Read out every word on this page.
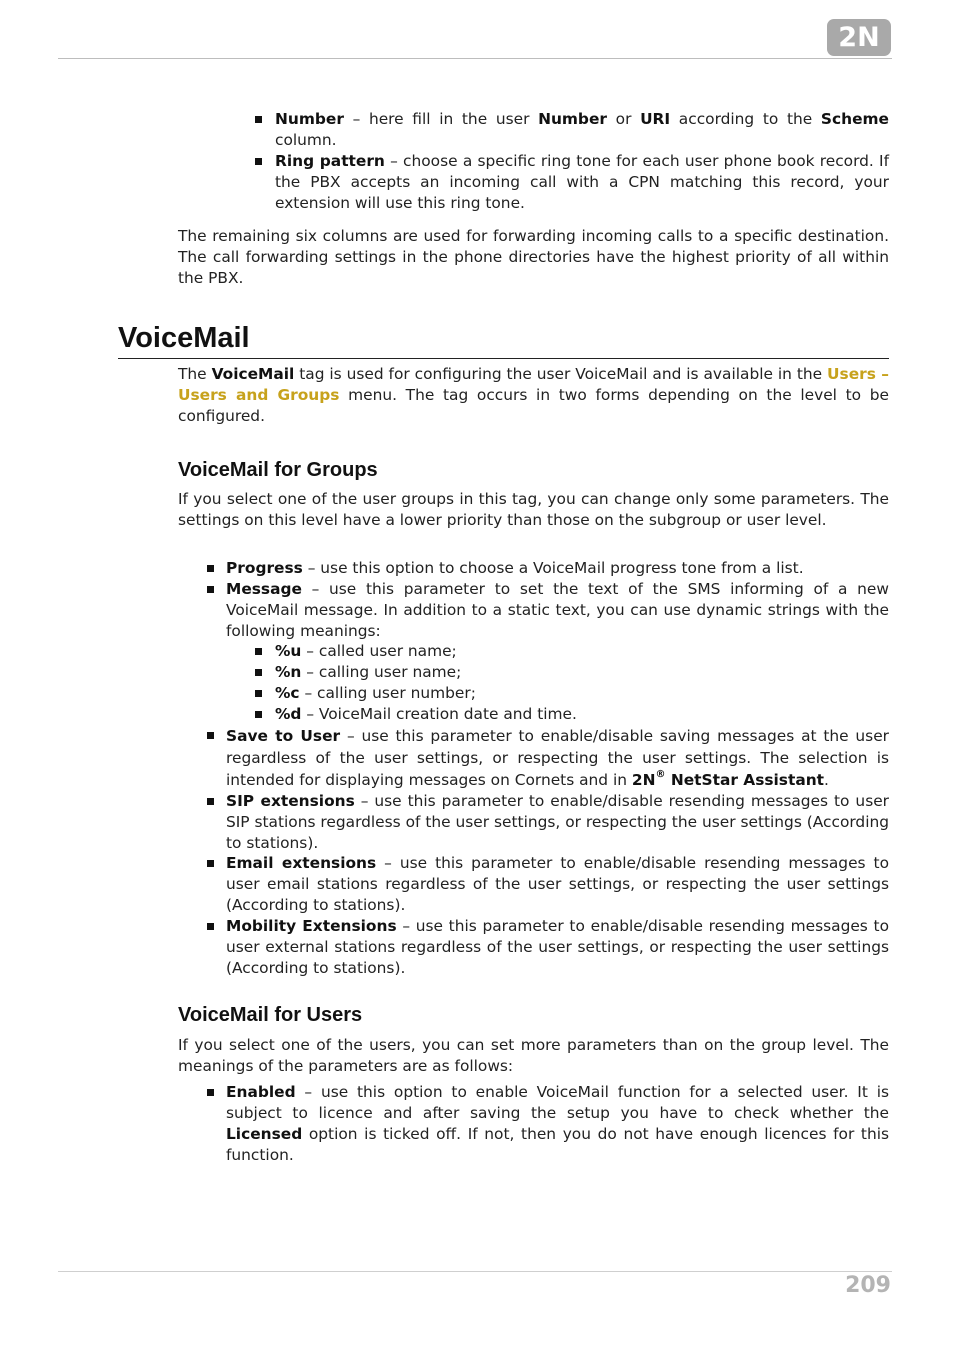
2N

Number – here fill in the user Number or URI according to the Scheme column.

Ring pattern – choose a specific ring tone for each user phone book record. If the PBX accepts an incoming call with a CPN matching this record, your extension will use this ring tone.

The remaining six columns are used for forwarding incoming calls to a specific destination. The call forwarding settings in the phone directories have the highest priority of all within the PBX.

VoiceMail

The VoiceMail tag is used for configuring the user VoiceMail and is available in the Users – Users and Groups menu. The tag occurs in two forms depending on the level to be configured.

VoiceMail for Groups

If you select one of the user groups in this tag, you can change only some parameters. The settings on this level have a lower priority than those on the subgroup or user level.

Progress – use this option to choose a VoiceMail progress tone from a list.

Message – use this parameter to set the text of the SMS informing of a new VoiceMail message. In addition to a static text, you can use dynamic strings with the following meanings:

%u – called user name;

%n – calling user name;

%c – calling user number;

%d – VoiceMail creation date and time.

Save to User – use this parameter to enable/disable saving messages at the user regardless of the user settings, or respecting the user settings. The selection is intended for displaying messages on Cornets and in 2N® NetStar Assistant.

SIP extensions – use this parameter to enable/disable resending messages to user SIP stations regardless of the user settings, or respecting the user settings (According to stations).

Email extensions – use this parameter to enable/disable resending messages to user email stations regardless of the user settings, or respecting the user settings (According to stations).

Mobility Extensions – use this parameter to enable/disable resending messages to user external stations regardless of the user settings, or respecting the user settings (According to stations).

VoiceMail for Users

If you select one of the users, you can set more parameters than on the group level. The meanings of the parameters are as follows:

Enabled – use this option to enable VoiceMail function for a selected user. It is subject to licence and after saving the setup you have to check whether the Licensed option is ticked off. If not, then you do not have enough licences for this function.

209
